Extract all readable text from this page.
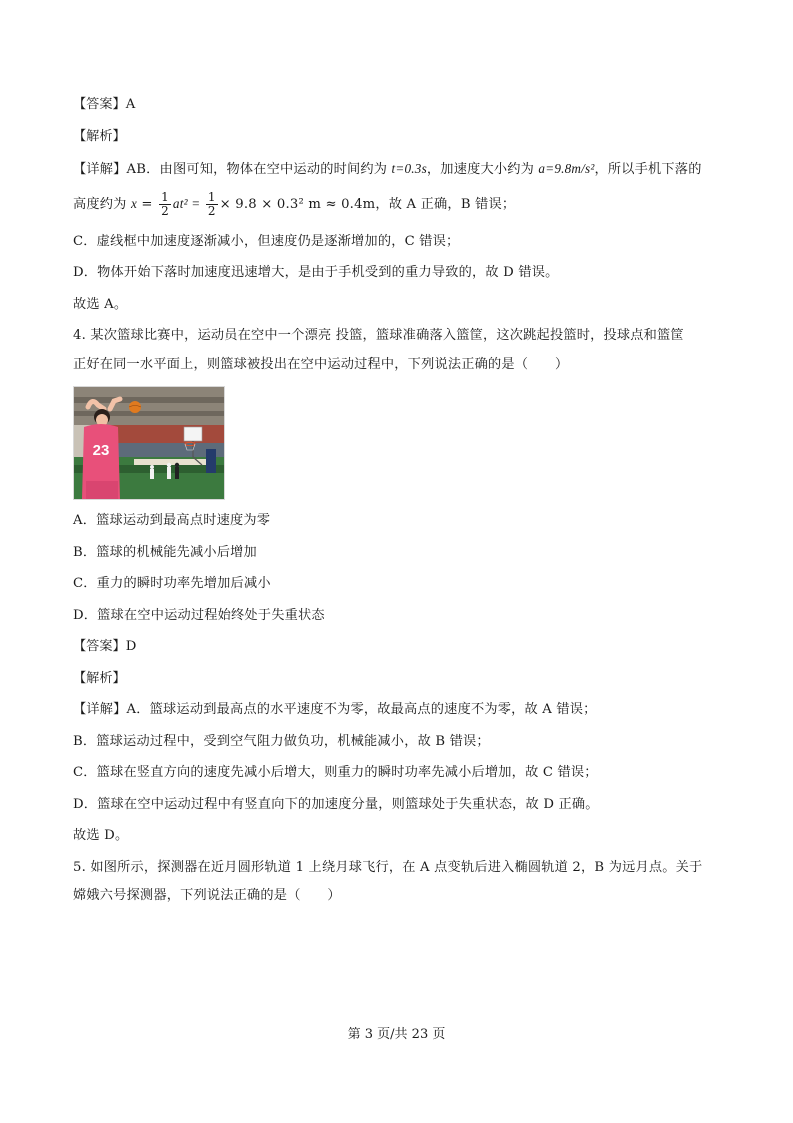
【答案】A
【解析】
【详解】AB．由图可知，物体在空中运动的时间约为 t=0.3s，加速度大小约为 a=9.8m/s²，所以手机下落的
高度约为 $x = \frac{1}{2} at^2 = \frac{1}{2} \times 9.8 \times 0.3^2$ m ≈ 0.4m，故 A 正确，B 错误；
C．虚线框中加速度逐渐减小，但速度仍是逐渐增加的，C 错误；
D．物体开始下落时加速度迅速增大，是由于手机受到的重力导致的，故 D 错误。
故选 A。
4. 某次篮球比赛中，运动员在空中一个漂亮 投篮，篮球准确落入篮筐，这次跳起投篮时，投球点和篮筐
正好在同一水平面上，则篮球被投出在空中运动过程中，下列说法正确的是（　　）
23
A．篮球运动到最高点时速度为零
B．篮球的机械能先减小后增加
C．重力的瞬时功率先增加后减小
D．篮球在空中运动过程始终处于失重状态
【答案】D
【解析】
【详解】A．篮球运动到最高点的水平速度不为零，故最高点的速度不为零，故 A 错误；
B．篮球运动过程中，受到空气阻力做负功，机械能减小，故 B 错误；
C．篮球在竖直方向的速度先减小后增大，则重力的瞬时功率先减小后增加，故 C 错误；
D．篮球在空中运动过程中有竖直向下的加速度分量，则篮球处于失重状态，故 D 正确。
故选 D。
5. 如图所示，探测器在近月圆形轨道 1 上绕月球飞行，在 A 点变轨后进入椭圆轨道 2，B 为远月点。关于
嫦娥六号探测器，下列说法正确的是（　　）
第 3 页/共 23 页
